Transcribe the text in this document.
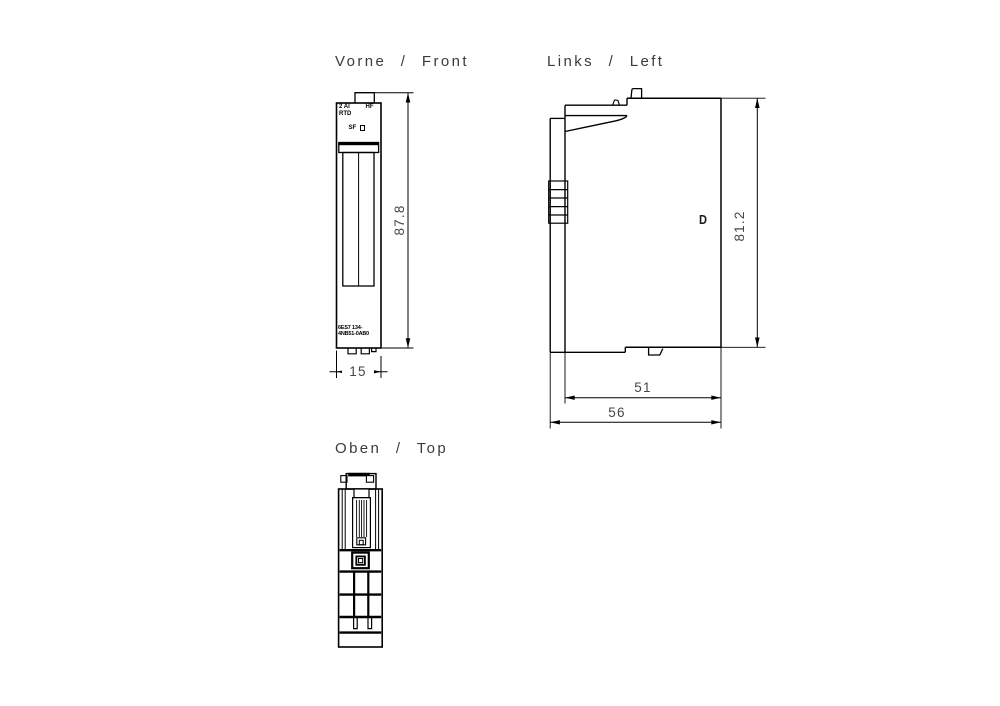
Vorne / Front	Links / Left
Oben / Top
2 AI
RTD
HF
SF
6ES7 134-
4NB51-0AB0
87.8
15
81.2
51
56
D
